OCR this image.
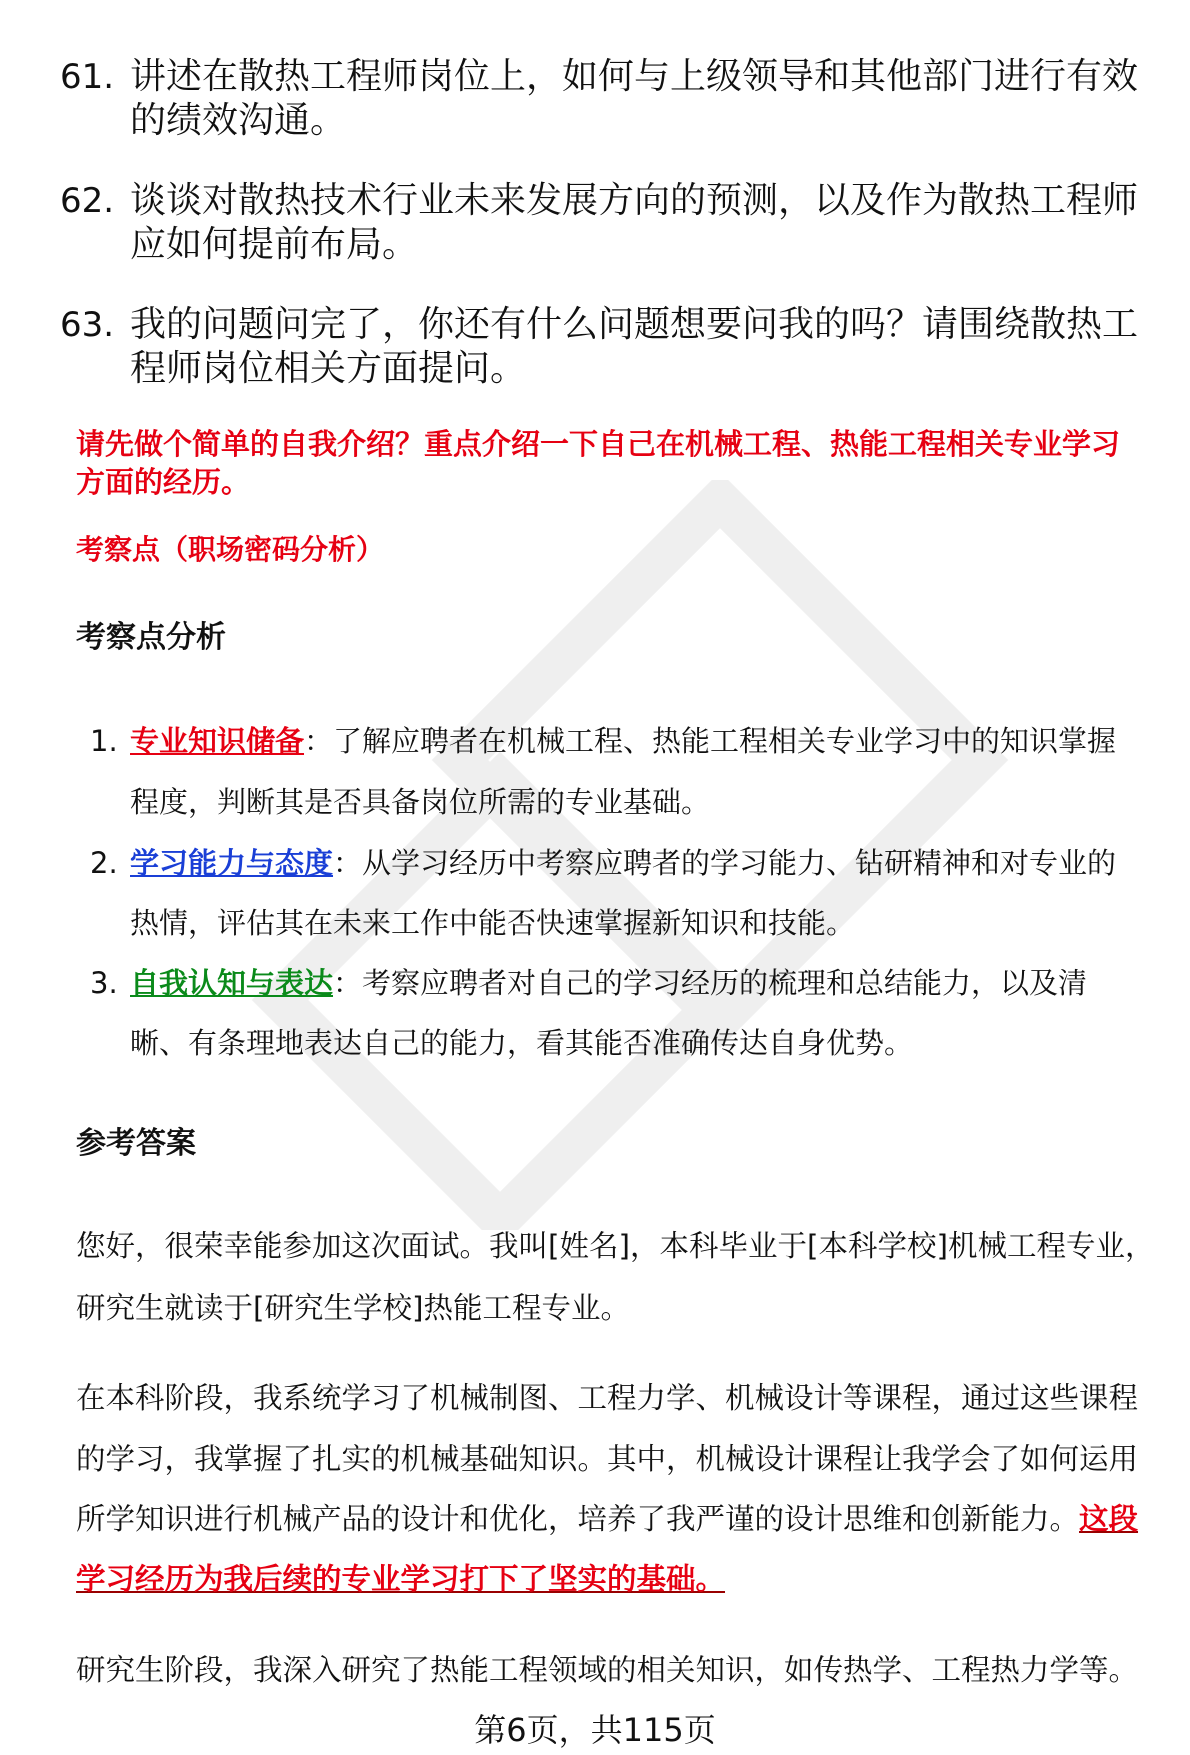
61. 讲述在散热工程师岗位上，如何与上级领导和其他部门进行有效
的绩效沟通。
62. 谈谈对散热技术行业未来发展方向的预测，以及作为散热工程师
应如何提前布局。
63. 我的问题问完了，你还有什么问题想要问我的吗？请围绕散热工
程师岗位相关方面提问。
请先做个简单的自我介绍？重点介绍一下自己在机械工程、热能工程相关专业学习
方面的经历。
考察点（职场密码分析）
考察点分析
1. 专业知识储备：了解应聘者在机械工程、热能工程相关专业学习中的知识掌握
程度，判断其是否具备岗位所需的专业基础。
2. 学习能力与态度：从学习经历中考察应聘者的学习能力、钻研精神和对专业的
热情，评估其在未来工作中能否快速掌握新知识和技能。
3. 自我认知与表达：考察应聘者对自己的学习经历的梳理和总结能力，以及清
晰、有条理地表达自己的能力，看其能否准确传达自身优势。
参考答案
您好，很荣幸能参加这次面试。我叫[姓名]，本科毕业于[本科学校]机械工程专业，
研究生就读于[研究生学校]热能工程专业。
在本科阶段，我系统学习了机械制图、工程力学、机械设计等课程，通过这些课程
的学习，我掌握了扎实的机械基础知识。其中，机械设计课程让我学会了如何运用
所学知识进行机械产品的设计和优化，培养了我严谨的设计思维和创新能力。这段
学习经历为我后续的专业学习打下了坚实的基础。
研究生阶段，我深入研究了热能工程领域的相关知识，如传热学、工程热力学等。
第6页，共115页
